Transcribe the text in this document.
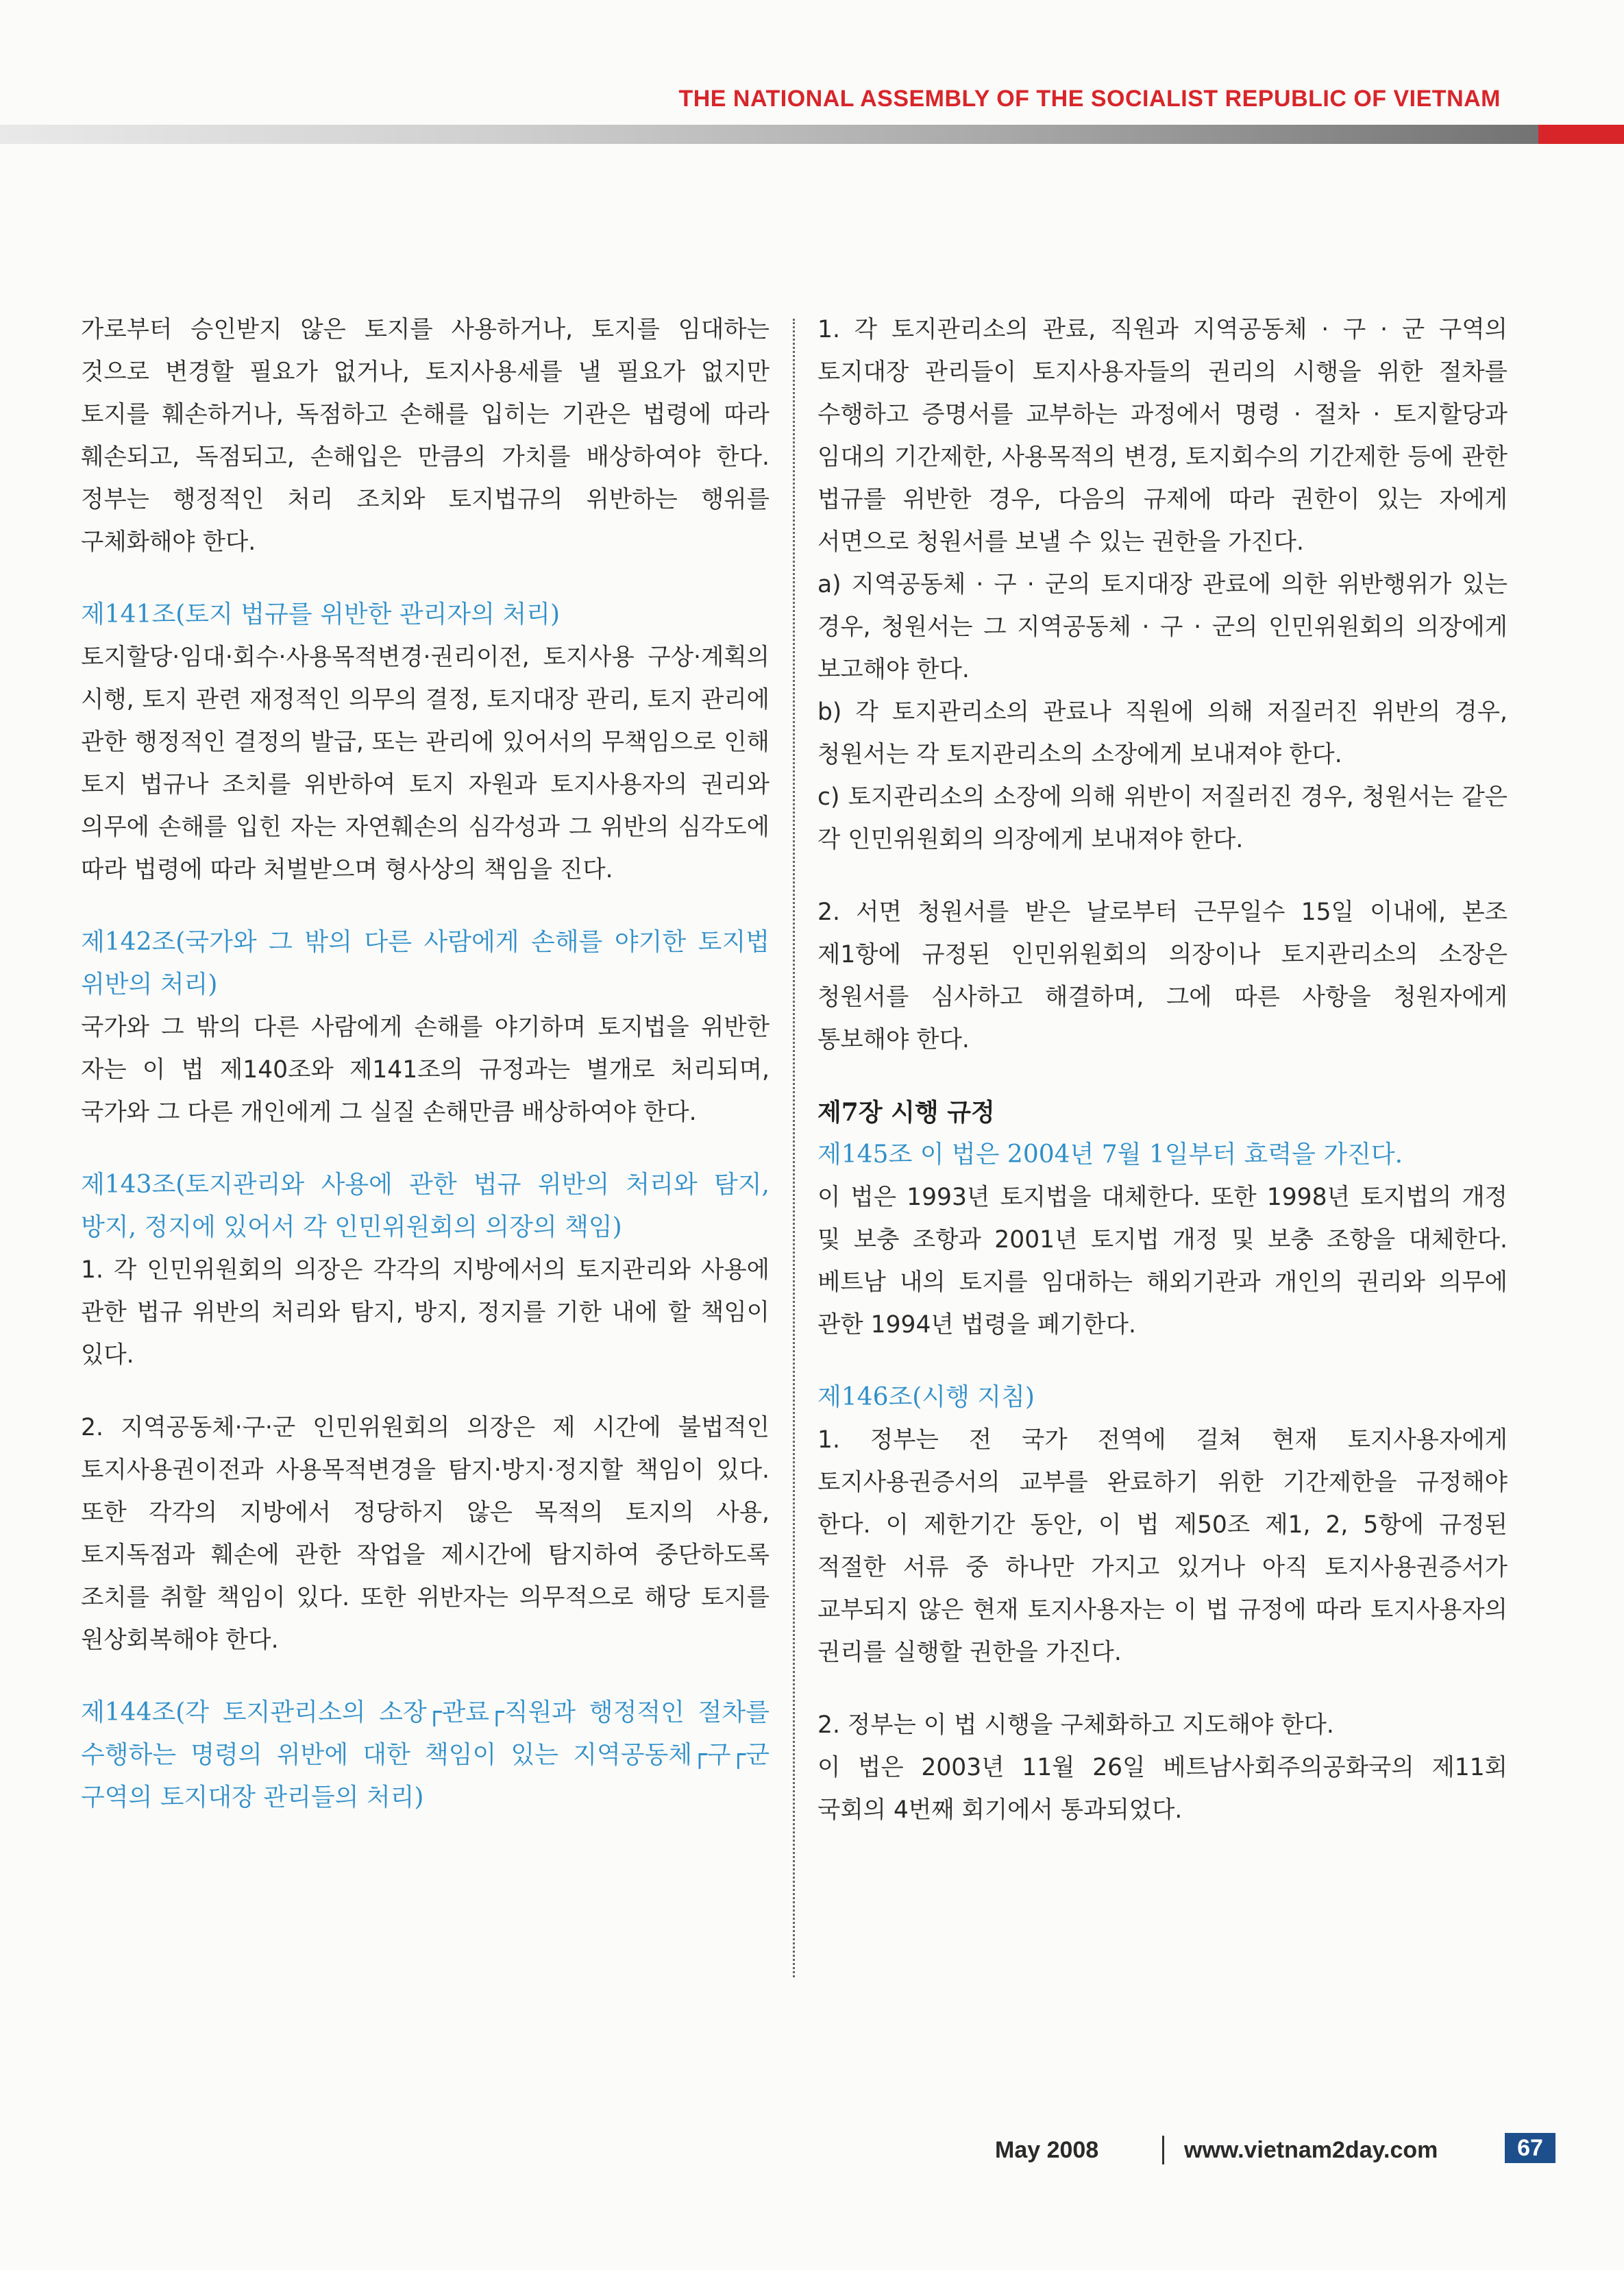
THE NATIONAL ASSEMBLY OF THE SOCIALIST REPUBLIC OF VIETNAM

가로부터 승인받지 않은 토지를 사용하거나, 토지를 임대하는 것으로 변경할 필요가 없거나, 토지사용세를 낼 필요가 없지만 토지를 훼손하거나, 독점하고 손해를 입히는 기관은 법령에 따라 훼손되고, 독점되고, 손해입은 만큼의 가치를 배상하여야 한다. 정부는 행정적인 처리 조치와 토지법규의 위반하는 행위를 구체화해야 한다.

제141조(토지 법규를 위반한 관리자의 처리)

토지할당·임대·회수·사용목적변경·권리이전, 토지사용 구상·계획의 시행, 토지 관련 재정적인 의무의 결정, 토지대장 관리, 토지 관리에 관한 행정적인 결정의 발급, 또는 관리에 있어서의 무책임으로 인해 토지 법규나 조치를 위반하여 토지 자원과 토지사용자의 권리와 의무에 손해를 입힌 자는 자연훼손의 심각성과 그 위반의 심각도에 따라 법령에 따라 처벌받으며 형사상의 책임을 진다.

제142조(국가와 그 밖의 다른 사람에게 손해를 야기한 토지법 위반의 처리)

국가와 그 밖의 다른 사람에게 손해를 야기하며 토지법을 위반한 자는 이 법 제140조와 제141조의 규정과는 별개로 처리되며, 국가와 그 다른 개인에게 그 실질 손해만큼 배상하여야 한다.

제143조(토지관리와 사용에 관한 법규 위반의 처리와 탐지, 방지, 정지에 있어서 각 인민위원회의 의장의 책임)

1. 각 인민위원회의 의장은 각각의 지방에서의 토지관리와 사용에 관한 법규 위반의 처리와 탐지, 방지, 정지를 기한 내에 할 책임이 있다.

2. 지역공동체·구·군 인민위원회의 의장은 제 시간에 불법적인 토지사용권이전과 사용목적변경을 탐지·방지·정지할 책임이 있다. 또한 각각의 지방에서 정당하지 않은 목적의 토지의 사용, 토지독점과 훼손에 관한 작업을 제시간에 탐지하여 중단하도록 조치를 취할 책임이 있다. 또한 위반자는 의무적으로 해당 토지를 원상회복해야 한다.

제144조(각 토지관리소의 소장┌관료┌직원과 행정적인 절차를 수행하는 명령의 위반에 대한 책임이 있는 지역공동체┌구┌군 구역의 토지대장 관리들의 처리)

1. 각 토지관리소의 관료, 직원과 지역공동체 · 구 · 군 구역의 토지대장 관리들이 토지사용자들의 권리의 시행을 위한 절차를 수행하고 증명서를 교부하는 과정에서 명령 · 절차 · 토지할당과 임대의 기간제한, 사용목적의 변경, 토지회수의 기간제한 등에 관한 법규를 위반한 경우, 다음의 규제에 따라 권한이 있는 자에게 서면으로 청원서를 보낼 수 있는 권한을 가진다.

a) 지역공동체 · 구 · 군의 토지대장 관료에 의한 위반행위가 있는 경우, 청원서는 그 지역공동체 · 구 · 군의 인민위원회의 의장에게 보고해야 한다.

b) 각 토지관리소의 관료나 직원에 의해 저질러진 위반의 경우, 청원서는 각 토지관리소의 소장에게 보내져야 한다.

c) 토지관리소의 소장에 의해 위반이 저질러진 경우, 청원서는 같은 각 인민위원회의 의장에게 보내져야 한다.

2. 서면 청원서를 받은 날로부터 근무일수 15일 이내에, 본조 제1항에 규정된 인민위원회의 의장이나 토지관리소의 소장은 청원서를 심사하고 해결하며, 그에 따른 사항을 청원자에게 통보해야 한다.

제7장 시행 규정

제145조 이 법은 2004년 7월 1일부터 효력을 가진다.

이 법은 1993년 토지법을 대체한다. 또한 1998년 토지법의 개정 및 보충 조항과 2001년 토지법 개정 및 보충 조항을 대체한다. 베트남 내의 토지를 임대하는 해외기관과 개인의 권리와 의무에 관한 1994년 법령을 폐기한다.

제146조(시행 지침)

1. 정부는 전 국가 전역에 걸쳐 현재 토지사용자에게 토지사용권증서의 교부를 완료하기 위한 기간제한을 규정해야 한다. 이 제한기간 동안, 이 법 제50조 제1, 2, 5항에 규정된 적절한 서류 중 하나만 가지고 있거나 아직 토지사용권증서가 교부되지 않은 현재 토지사용자는 이 법 규정에 따라 토지사용자의 권리를 실행할 권한을 가진다.

2. 정부는 이 법 시행을 구체화하고 지도해야 한다.

이 법은 2003년 11월 26일 베트남사회주의공화국의 제11회 국회의 4번째 회기에서 통과되었다.

May 2008	www.vietnam2day.com	67
